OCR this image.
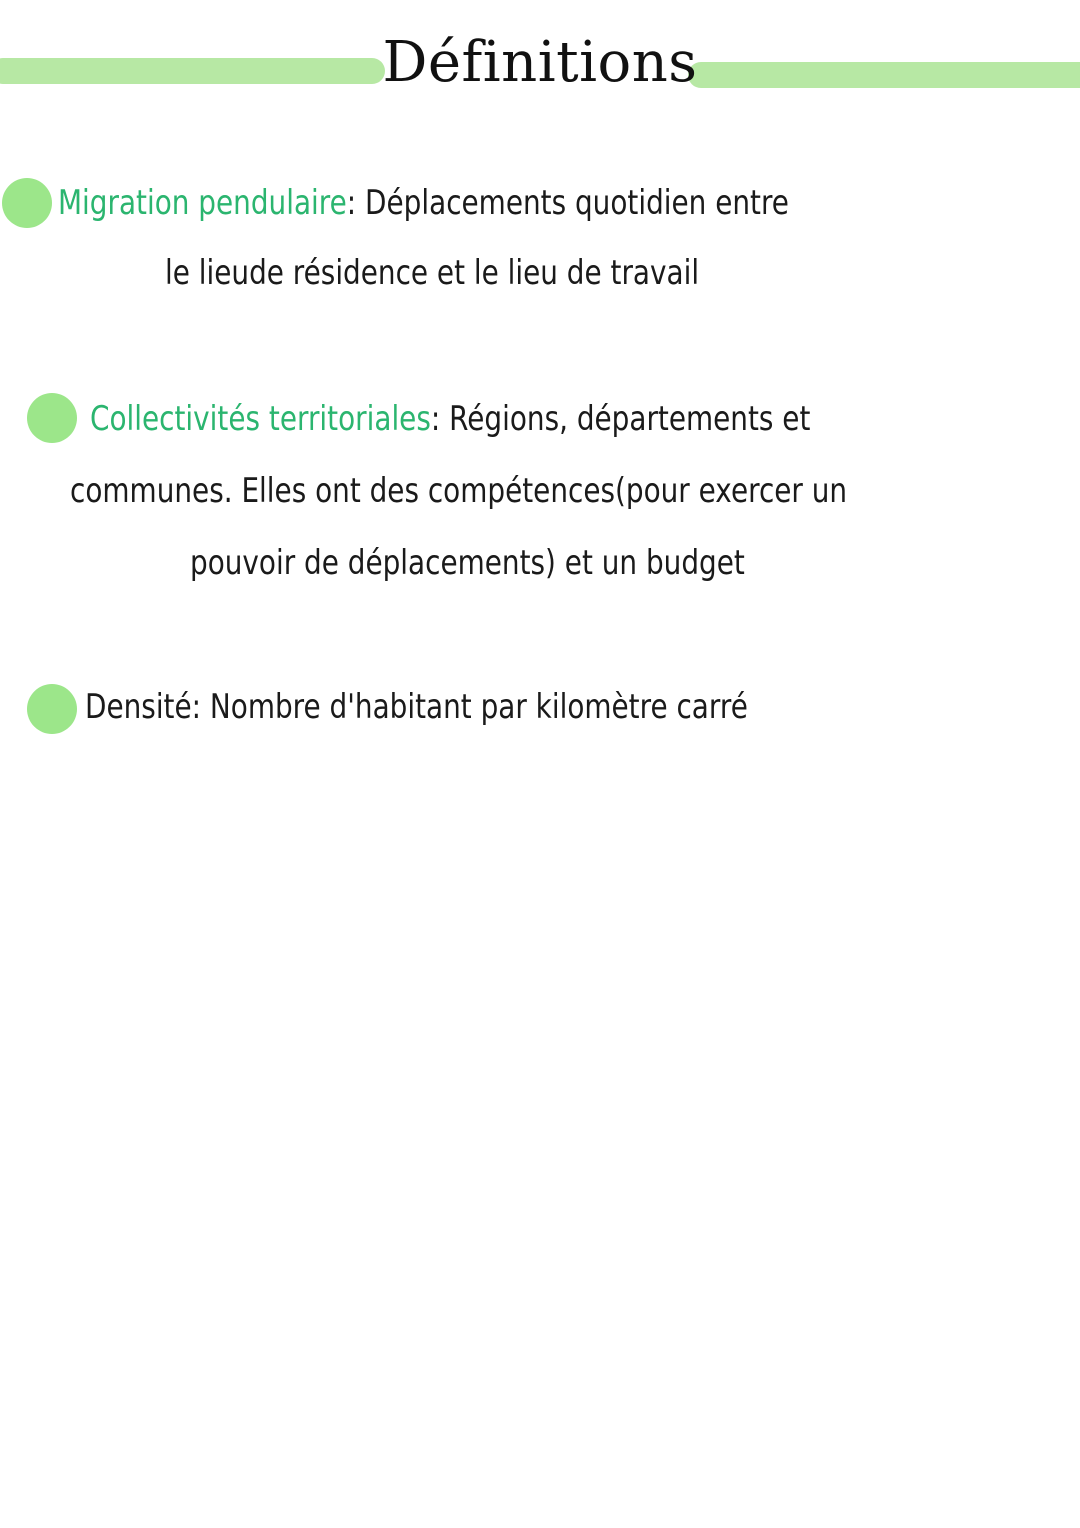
Définitions
Migration pendulaire: Déplacements quotidien entre
le lieude résidence et le lieu de travail
Collectivités territoriales: Régions, départements et
communes. Elles ont des compétences(pour exercer un
pouvoir de déplacements) et un budget
Densité: Nombre d'habitant par kilomètre carré
